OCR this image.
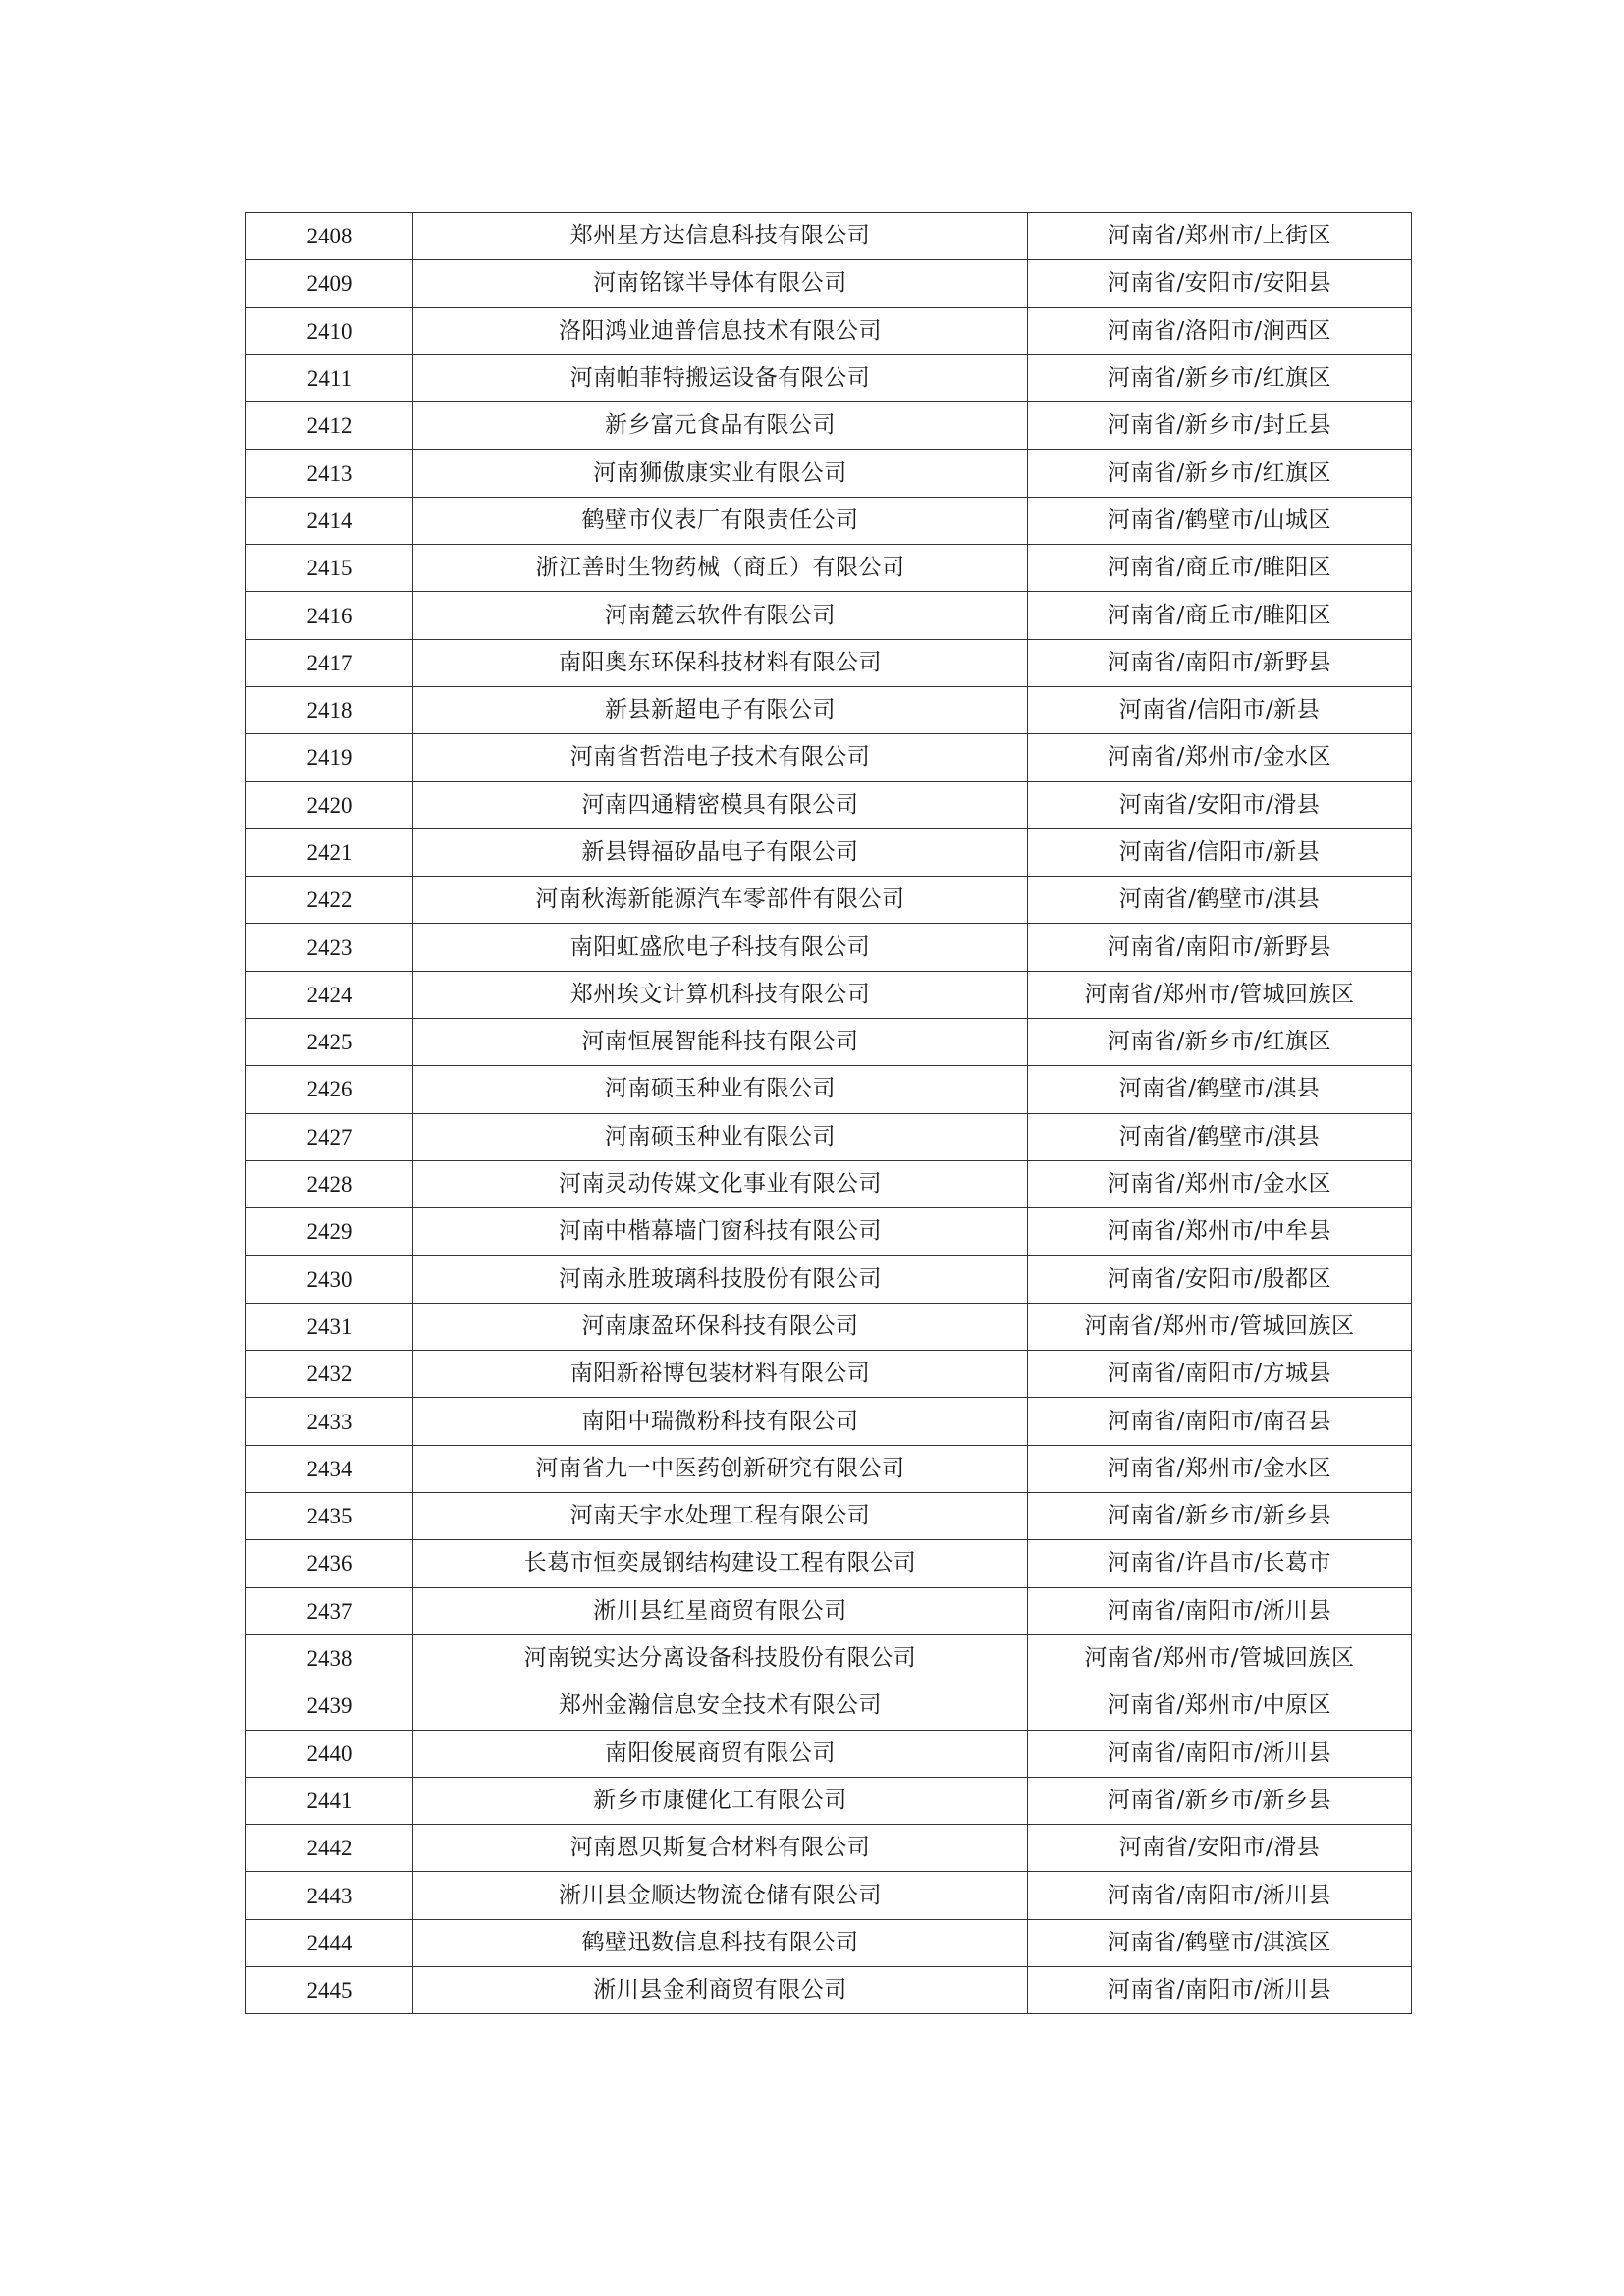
2408	郑州星方达信息科技有限公司	河南省/郑州市/上街区
2409	河南铭镓半导体有限公司	河南省/安阳市/安阳县
2410	洛阳鸿业迪普信息技术有限公司	河南省/洛阳市/涧西区
2411	河南帕菲特搬运设备有限公司	河南省/新乡市/红旗区
2412	新乡富元食品有限公司	河南省/新乡市/封丘县
2413	河南狮傲康实业有限公司	河南省/新乡市/红旗区
2414	鹤壁市仪表厂有限责任公司	河南省/鹤壁市/山城区
2415	浙江善时生物药械（商丘）有限公司	河南省/商丘市/睢阳区
2416	河南麓云软件有限公司	河南省/商丘市/睢阳区
2417	南阳奥东环保科技材料有限公司	河南省/南阳市/新野县
2418	新县新超电子有限公司	河南省/信阳市/新县
2419	河南省哲浩电子技术有限公司	河南省/郑州市/金水区
2420	河南四通精密模具有限公司	河南省/安阳市/滑县
2421	新县锝福矽晶电子有限公司	河南省/信阳市/新县
2422	河南秋海新能源汽车零部件有限公司	河南省/鹤壁市/淇县
2423	南阳虹盛欣电子科技有限公司	河南省/南阳市/新野县
2424	郑州埃文计算机科技有限公司	河南省/郑州市/管城回族区
2425	河南恒展智能科技有限公司	河南省/新乡市/红旗区
2426	河南硕玉种业有限公司	河南省/鹤壁市/淇县
2427	河南硕玉种业有限公司	河南省/鹤壁市/淇县
2428	河南灵动传媒文化事业有限公司	河南省/郑州市/金水区
2429	河南中楷幕墙门窗科技有限公司	河南省/郑州市/中牟县
2430	河南永胜玻璃科技股份有限公司	河南省/安阳市/殷都区
2431	河南康盈环保科技有限公司	河南省/郑州市/管城回族区
2432	南阳新裕博包装材料有限公司	河南省/南阳市/方城县
2433	南阳中瑞微粉科技有限公司	河南省/南阳市/南召县
2434	河南省九一中医药创新研究有限公司	河南省/郑州市/金水区
2435	河南天宇水处理工程有限公司	河南省/新乡市/新乡县
2436	长葛市恒奕晟钢结构建设工程有限公司	河南省/许昌市/长葛市
2437	淅川县红星商贸有限公司	河南省/南阳市/淅川县
2438	河南锐实达分离设备科技股份有限公司	河南省/郑州市/管城回族区
2439	郑州金瀚信息安全技术有限公司	河南省/郑州市/中原区
2440	南阳俊展商贸有限公司	河南省/南阳市/淅川县
2441	新乡市康健化工有限公司	河南省/新乡市/新乡县
2442	河南恩贝斯复合材料有限公司	河南省/安阳市/滑县
2443	淅川县金顺达物流仓储有限公司	河南省/南阳市/淅川县
2444	鹤壁迅数信息科技有限公司	河南省/鹤壁市/淇滨区
2445	淅川县金利商贸有限公司	河南省/南阳市/淅川县
